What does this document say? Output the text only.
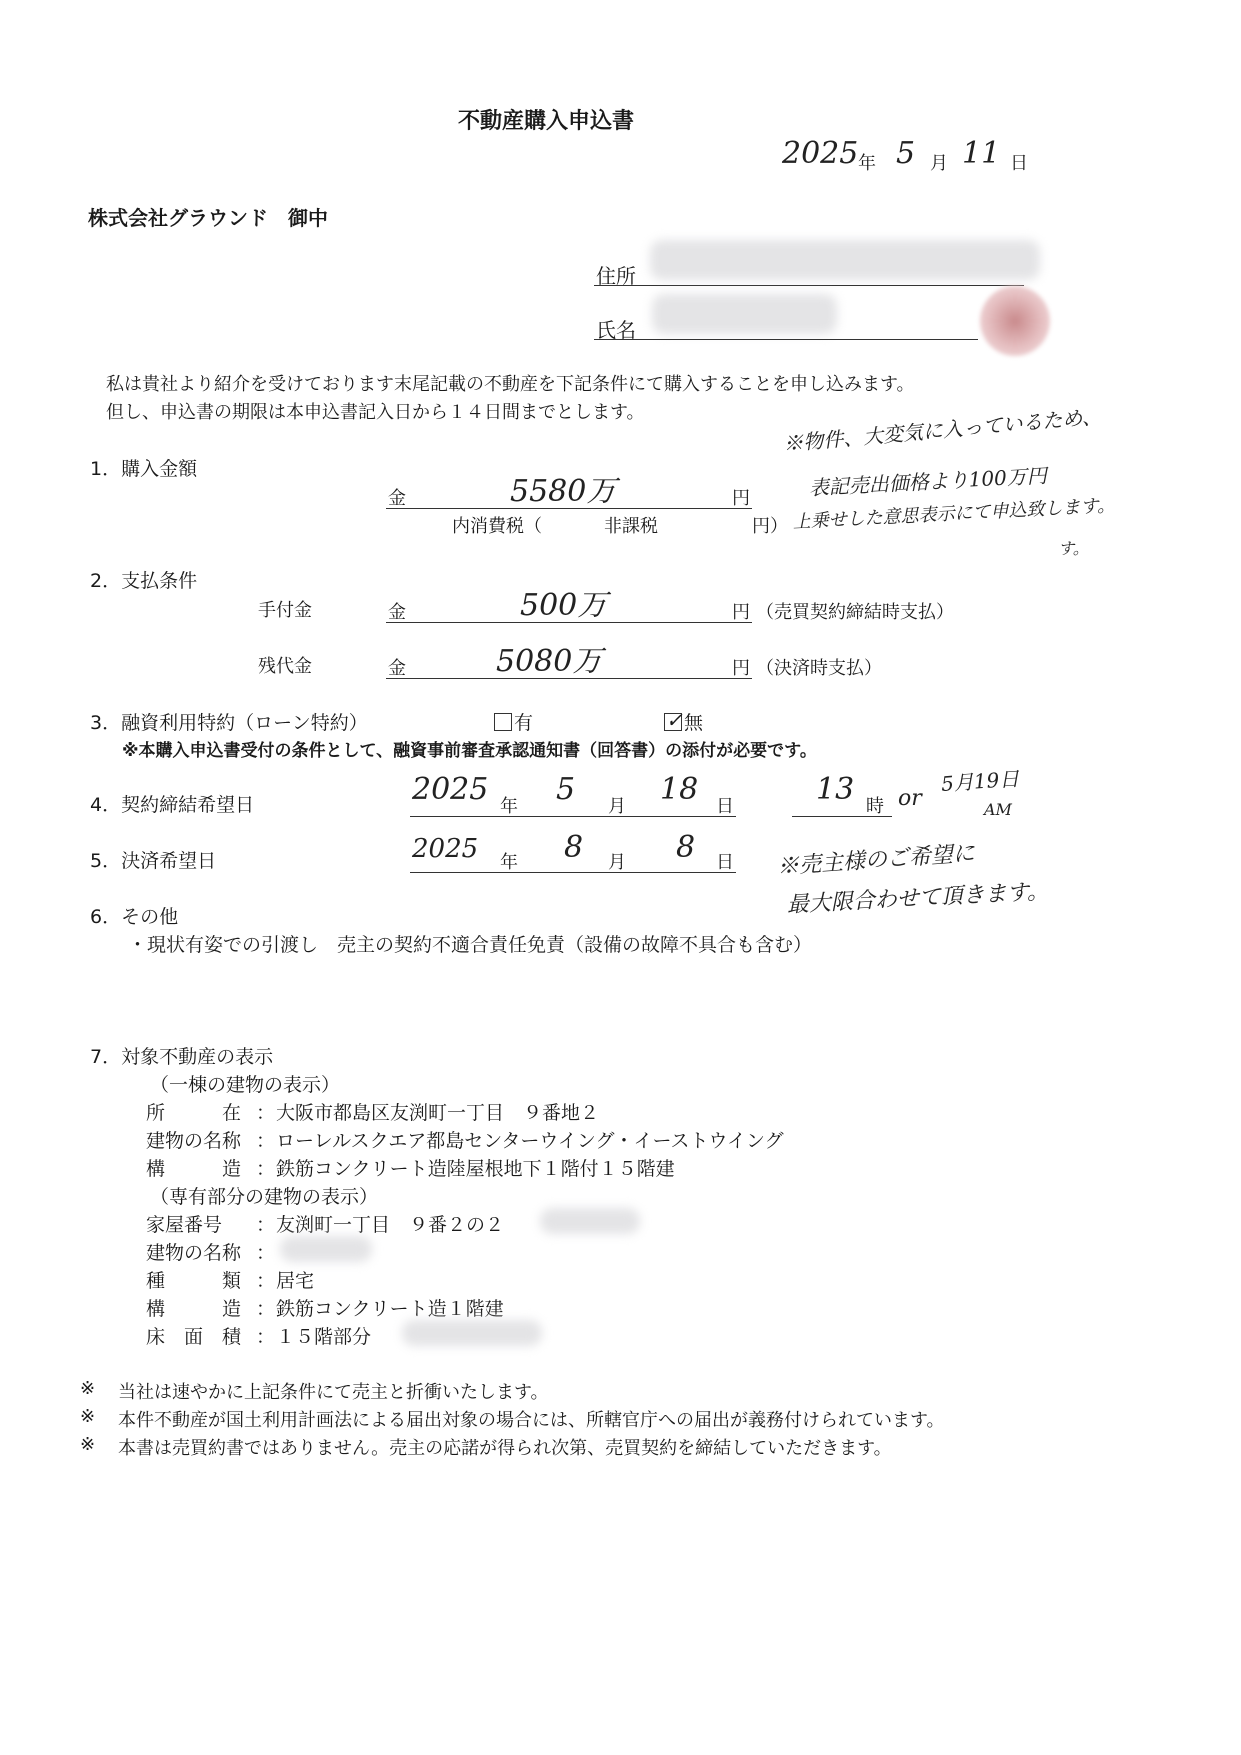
不動産購入申込書
2025 年 5 月 11 日
株式会社グラウンド　御中
住所
氏名
私は貴社より紹介を受けております末尾記載の不動産を下記条件にて購入することを申し込みます。
但し、申込書の期限は本申込書記入日から１４日間までとします。
1．購入金額
金	5580万	円
内消費税（	非課税	円）
※物件、大変気に入っているため、
表記売出価格より100万円
上乗せした意思表示にて申込致します。
す。
2．支払条件
手付金	金	500万	円 （売買契約締結時支払）
残代金	金	5080万	円 （決済時支払）
3．融資利用特約（ローン特約）	有	✓ 無
※本購入申込書受付の条件として、融資事前審査承認通知書（回答書）の添付が必要です。
4．契約締結希望日	2025 年 5 月 18 日	13 時 or
5月19日
AM
5．決済希望日	2025 年 8 月 8 日 ※売主様のご希望に
最大限合わせて頂きます。
6．その他
・現状有姿での引渡し　売主の契約不適合責任免責（設備の故障不具合も含む）
7．対象不動産の表示
（一棟の建物の表示）
所　　　在 ： 大阪市都島区友渕町一丁目　９番地２
建物の名称 ： ローレルスクエア都島センターウイング・イーストウイング
構　　　造 ： 鉄筋コンクリート造陸屋根地下１階付１５階建
（専有部分の建物の表示）
家屋番号 ： 友渕町一丁目　９番２の２
建物の名称 ：
種　　　類 ： 居宅
構　　　造 ： 鉄筋コンクリート造１階建
床　面　積 ： １５階部分
※ 当社は速やかに上記条件にて売主と折衝いたします。
※ 本件不動産が国土利用計画法による届出対象の場合には、所轄官庁への届出が義務付けられています。
※ 本書は売買約書ではありません。売主の応諾が得られ次第、売買契約を締結していただきます。
